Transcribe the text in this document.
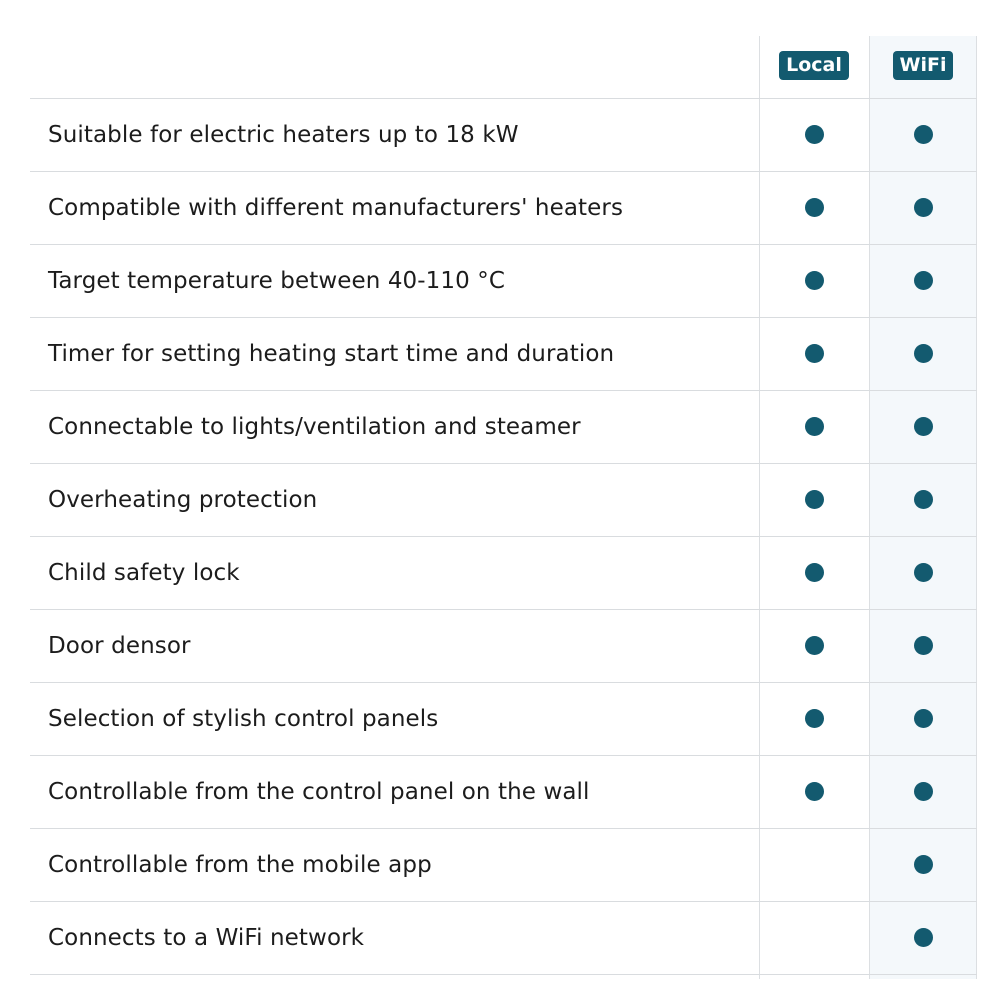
Local	WiFi
Suitable for electric heaters up to 18 kW
Compatible with different manufacturers' heaters
Target temperature between 40-110 °C
Timer for setting heating start time and duration
Connectable to lights/ventilation and steamer
Overheating protection
Child safety lock
Door densor
Selection of stylish control panels
Controllable from the control panel on the wall
Controllable from the mobile app
Connects to a WiFi network
